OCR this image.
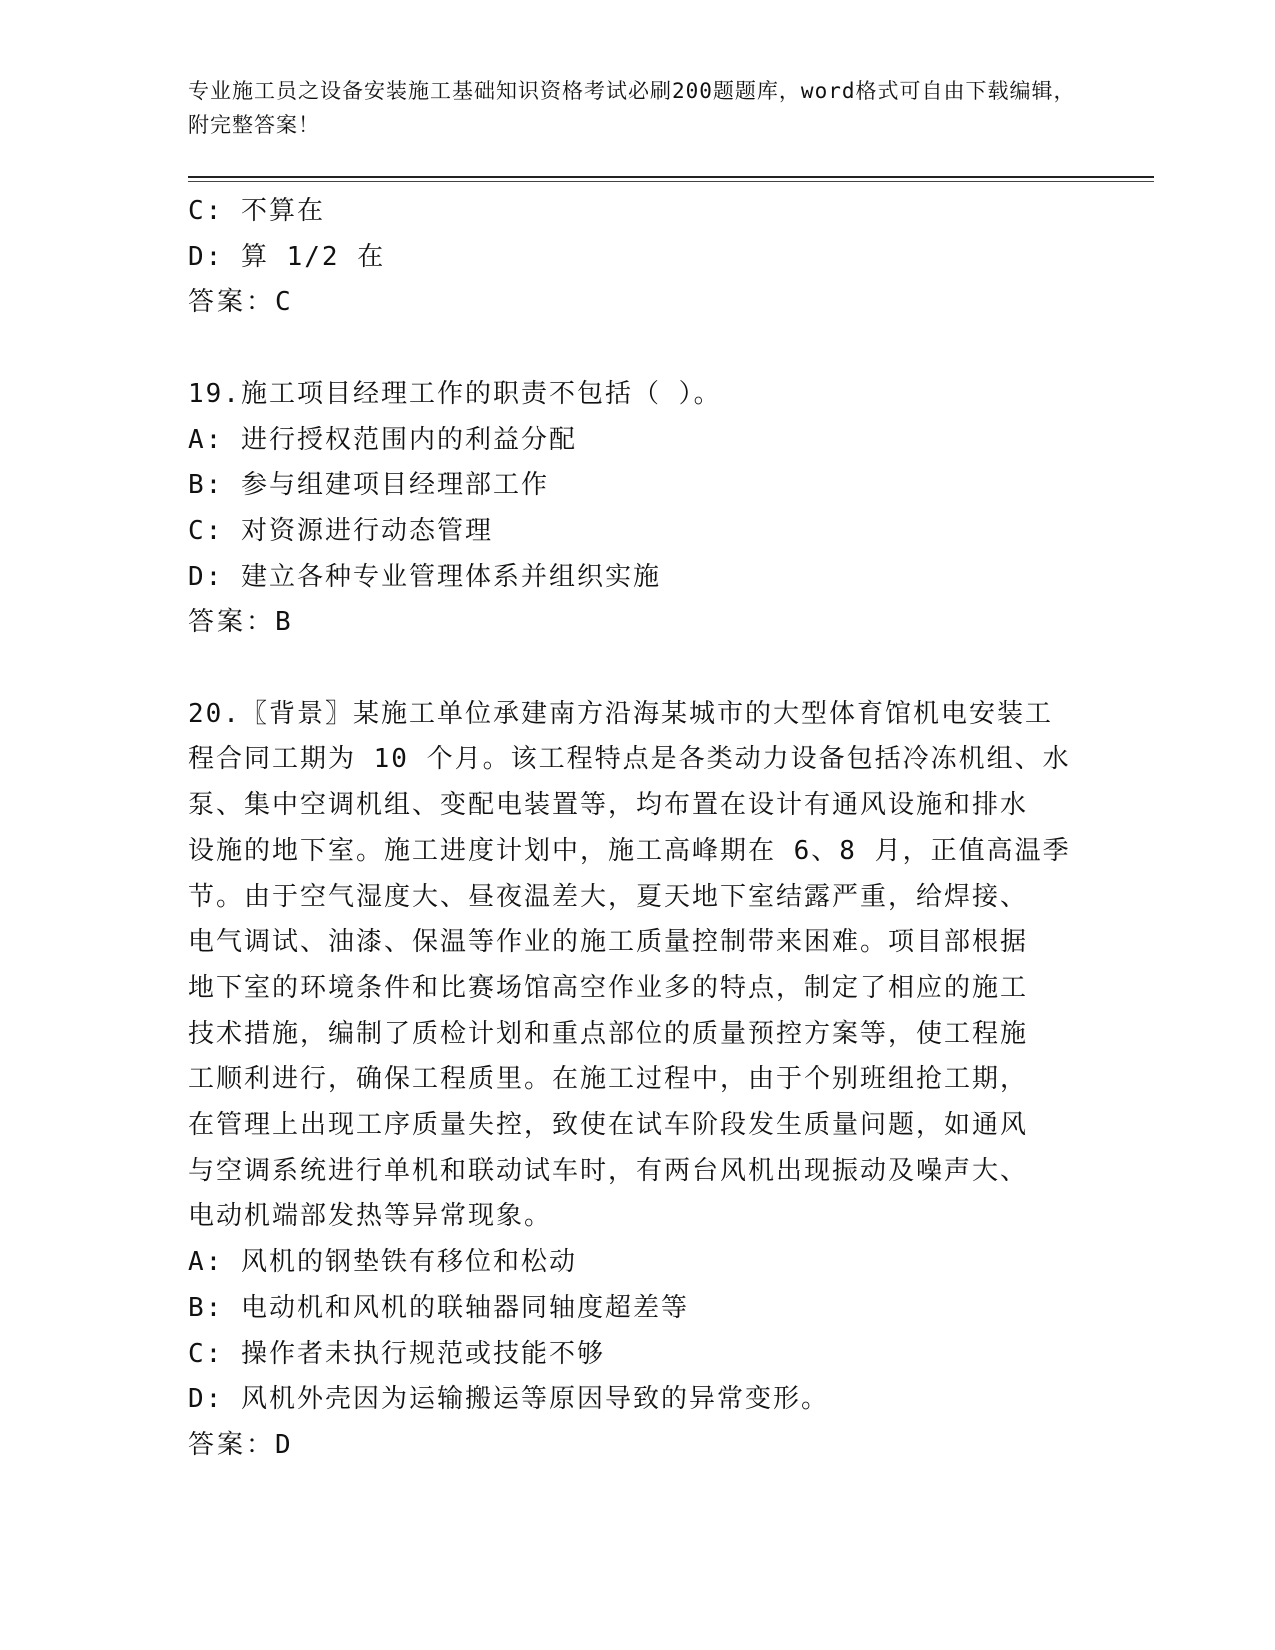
专业施工员之设备安装施工基础知识资格考试必刷200题题库，word格式可自由下载编辑，附完整答案！
C: 不算在
D: 算 1/2 在
答案：C
19.施工项目经理工作的职责不包括（ ）。
A: 进行授权范围内的利益分配
B: 参与组建项目经理部工作
C: 对资源进行动态管理
D: 建立各种专业管理体系并组织实施
答案：B
20.〖背景〗某施工单位承建南方沿海某城市的大型体育馆机电安装工
程合同工期为 10 个月。该工程特点是各类动力设备包括冷冻机组、水
泵、集中空调机组、变配电装置等，均布置在设计有通风设施和排水
设施的地下室。施工进度计划中，施工高峰期在 6、8 月，正值高温季
节。由于空气湿度大、昼夜温差大，夏天地下室结露严重，给焊接、
电气调试、油漆、保温等作业的施工质量控制带来困难。项目部根据
地下室的环境条件和比赛场馆高空作业多的特点，制定了相应的施工
技术措施，编制了质检计划和重点部位的质量预控方案等，使工程施
工顺利进行，确保工程质里。在施工过程中，由于个别班组抢工期，
在管理上出现工序质量失控，致使在试车阶段发生质量问题，如通风
与空调系统进行单机和联动试车时，有两台风机出现振动及噪声大、
电动机端部发热等异常现象。
A: 风机的钢垫铁有移位和松动
B: 电动机和风机的联轴器同轴度超差等
C: 操作者未执行规范或技能不够
D: 风机外壳因为运输搬运等原因导致的异常变形。
答案：D
